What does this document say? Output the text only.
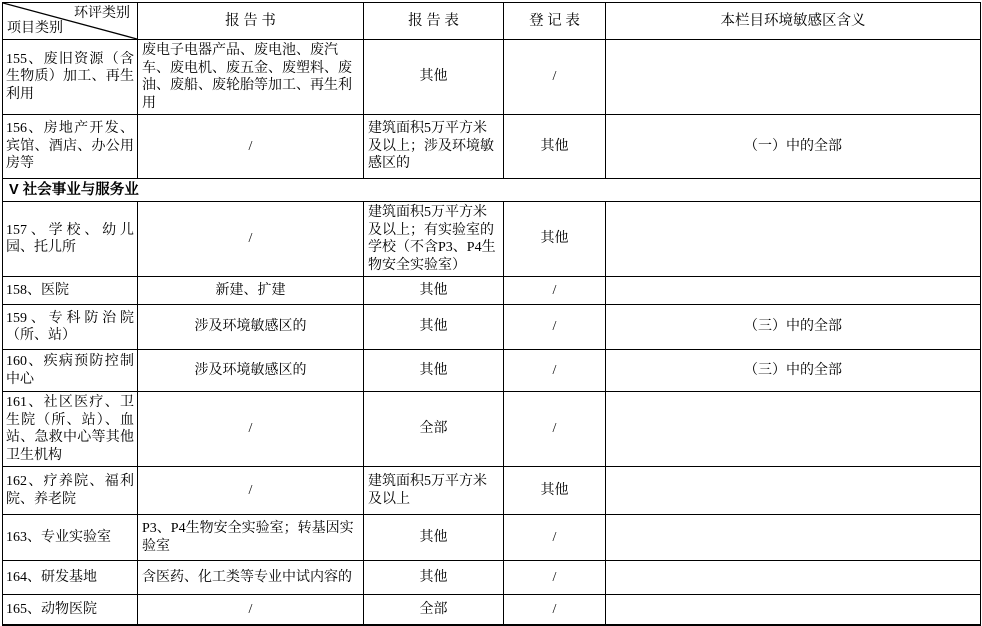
环评类别
项目类别	报 告 书	报 告 表	登 记 表	本栏目环境敏感区含义
155、废旧资源（含生物质）加工、再生利用	废电子电器产品、废电池、废汽车、废电机、废五金、废塑料、废油、废船、废轮胎等加工、再生利用	其他	/	
156、房地产开发、宾馆、酒店、办公用房等	/	建筑面积5万平方米及以上；涉及环境敏感区的	其他	（一）中的全部
V 社会事业与服务业				
157、学校、幼儿园、托儿所	/	建筑面积5万平方米及以上；有实验室的学校（不含P3、P4生物安全实验室）	其他	
158、医院	新建、扩建	其他	/	
159、专科防治院（所、站）	涉及环境敏感区的	其他	/	（三）中的全部
160、疾病预防控制中心	涉及环境敏感区的	其他	/	（三）中的全部
161、社区医疗、卫生院（所、站）、血站、急救中心等其他卫生机构	/	全部	/	
162、疗养院、福利院、养老院	/	建筑面积5万平方米及以上	其他	
163、专业实验室	P3、P4生物安全实验室；转基因实验室	其他	/	
164、研发基地	含医药、化工类等专业中试内容的	其他	/	
165、动物医院	/	全部	/	
